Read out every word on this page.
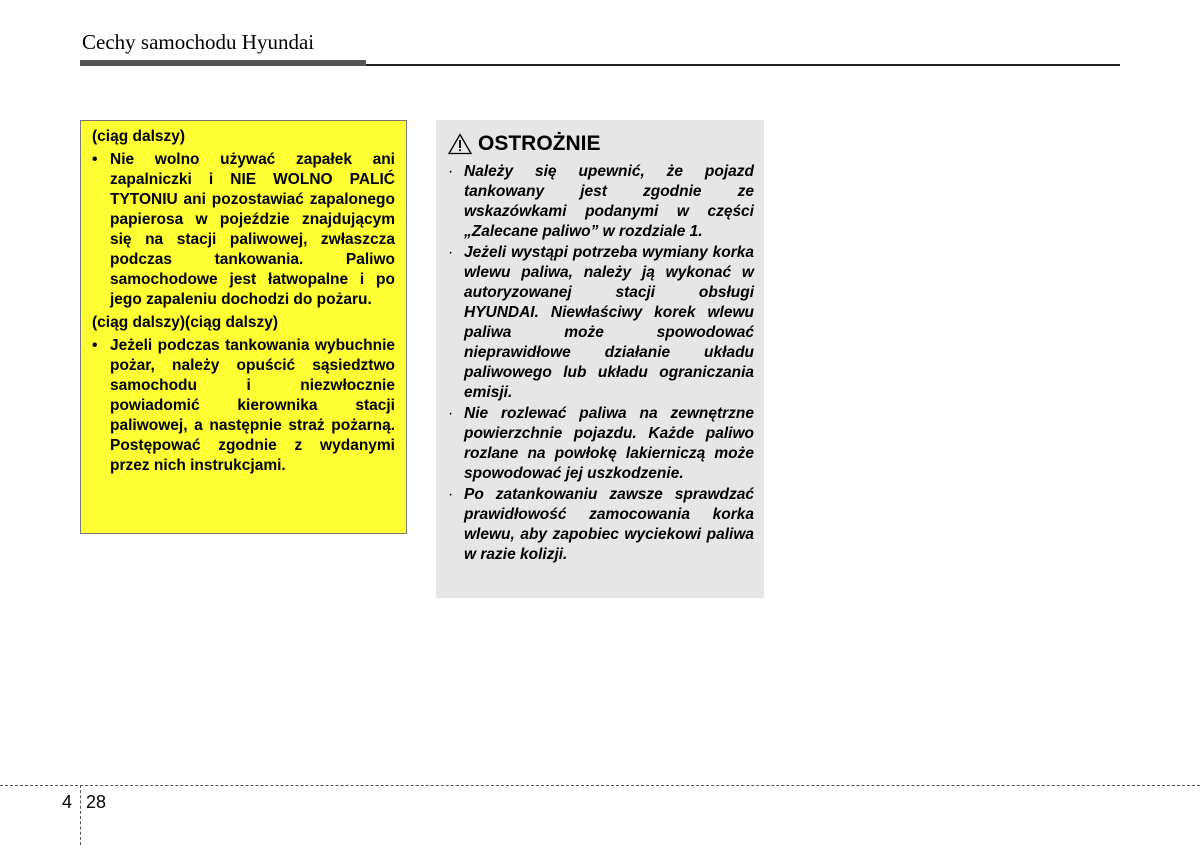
Cechy samochodu Hyundai
(ciąg dalszy)
• Nie wolno używać zapałek ani zapalniczki i NIE WOLNO PALIĆ TYTONIU ani pozostawiać zapalonego papierosa w pojeździe znajdującym się na stacji paliwowej, zwłaszcza podczas tankowania. Paliwo samochodowe jest łatwopalne i po jego zapaleniu dochodzi do pożaru.
(ciąg dalszy)(ciąg dalszy)
• Jeżeli podczas tankowania wybuchnie pożar, należy opuścić sąsiedztwo samochodu i niezwłocznie powiadomić kierownika stacji paliwowej, a następnie straż pożarną. Postępować zgodnie z wydanymi przez nich instrukcjami.
OSTROŻNIE
· Należy się upewnić, że pojazd tankowany jest zgodnie ze wskazówkami podanymi w części „Zalecane paliwo” w rozdziale 1.
· Jeżeli wystąpi potrzeba wymiany korka wlewu paliwa, należy ją wykonać w autoryzowanej stacji obsługi HYUNDAI. Niewłaściwy korek wlewu paliwa może spowodować nieprawidłowe działanie układu paliwowego lub układu ograniczania emisji.
· Nie rozlewać paliwa na zewnętrzne powierzchnie pojazdu. Każde paliwo rozlane na powłokę lakierniczą może spowodować jej uszkodzenie.
· Po zatankowaniu zawsze sprawdzać prawidłowość zamocowania korka wlewu, aby zapobiec wyciekowi paliwa w razie kolizji.
4 28
